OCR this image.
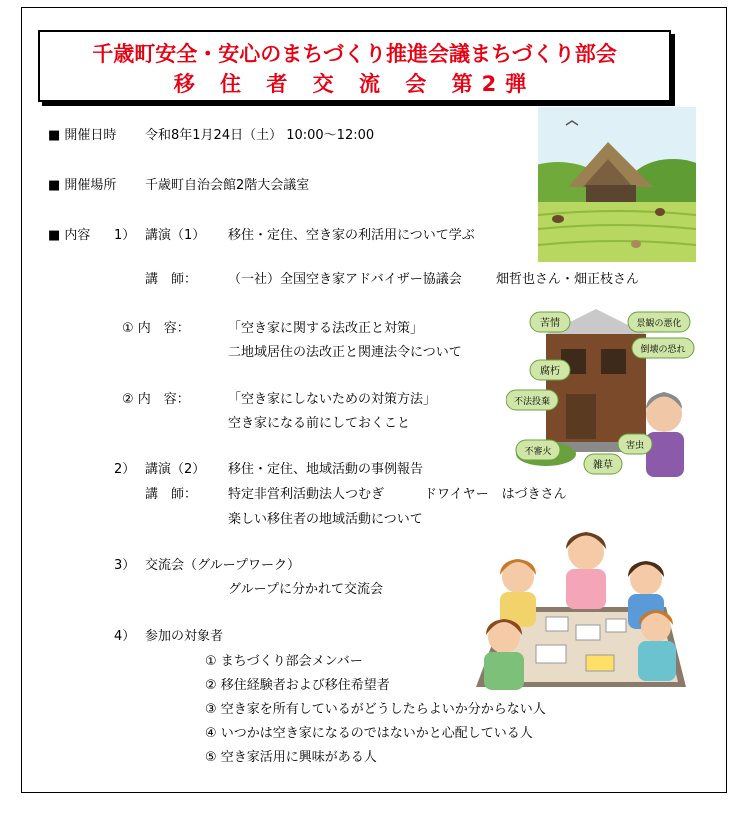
千歳町安全・安心のまちづくり推進会議まちづくり部会
移 住 者 交 流 会 第2弾
■ 開催日時 令和8年1月24日（土） 10:00～12:00
■ 開催場所 千歳町自治会館2階大会議室
■ 内容 1） 講演（1） 移住・定住、空き家の利活用について学ぶ
講　師： （一社）全国空き家アドバイザー協議会	畑哲也さん・畑正枝さん
① 内　容：	「空き家に関する法改正と対策」
二地域居住の法改正と関連法令について
② 内　容：	「空き家にしないための対策方法」
空き家になる前にしておくこと
2） 講演（2） 移住・定住、地域活動の事例報告
講　師： 特定非営利活動法人つむぎ	ドワイヤー　はづきさん
楽しい移住者の地域活動について
3） 交流会（グループワーク）
グループに分かれて交流会
4） 参加の対象者
① まちづくり部会メンバー
② 移住経験者および移住希望者
③ 空き家を所有しているがどうしたらよいか分からない人
④ いつかは空き家になるのではないかと心配している人
⑤ 空き家活用に興味がある人
苦情	景観の悪化
倒壊の恐れ
腐朽
不法投棄
不審火
害虫
雑草
